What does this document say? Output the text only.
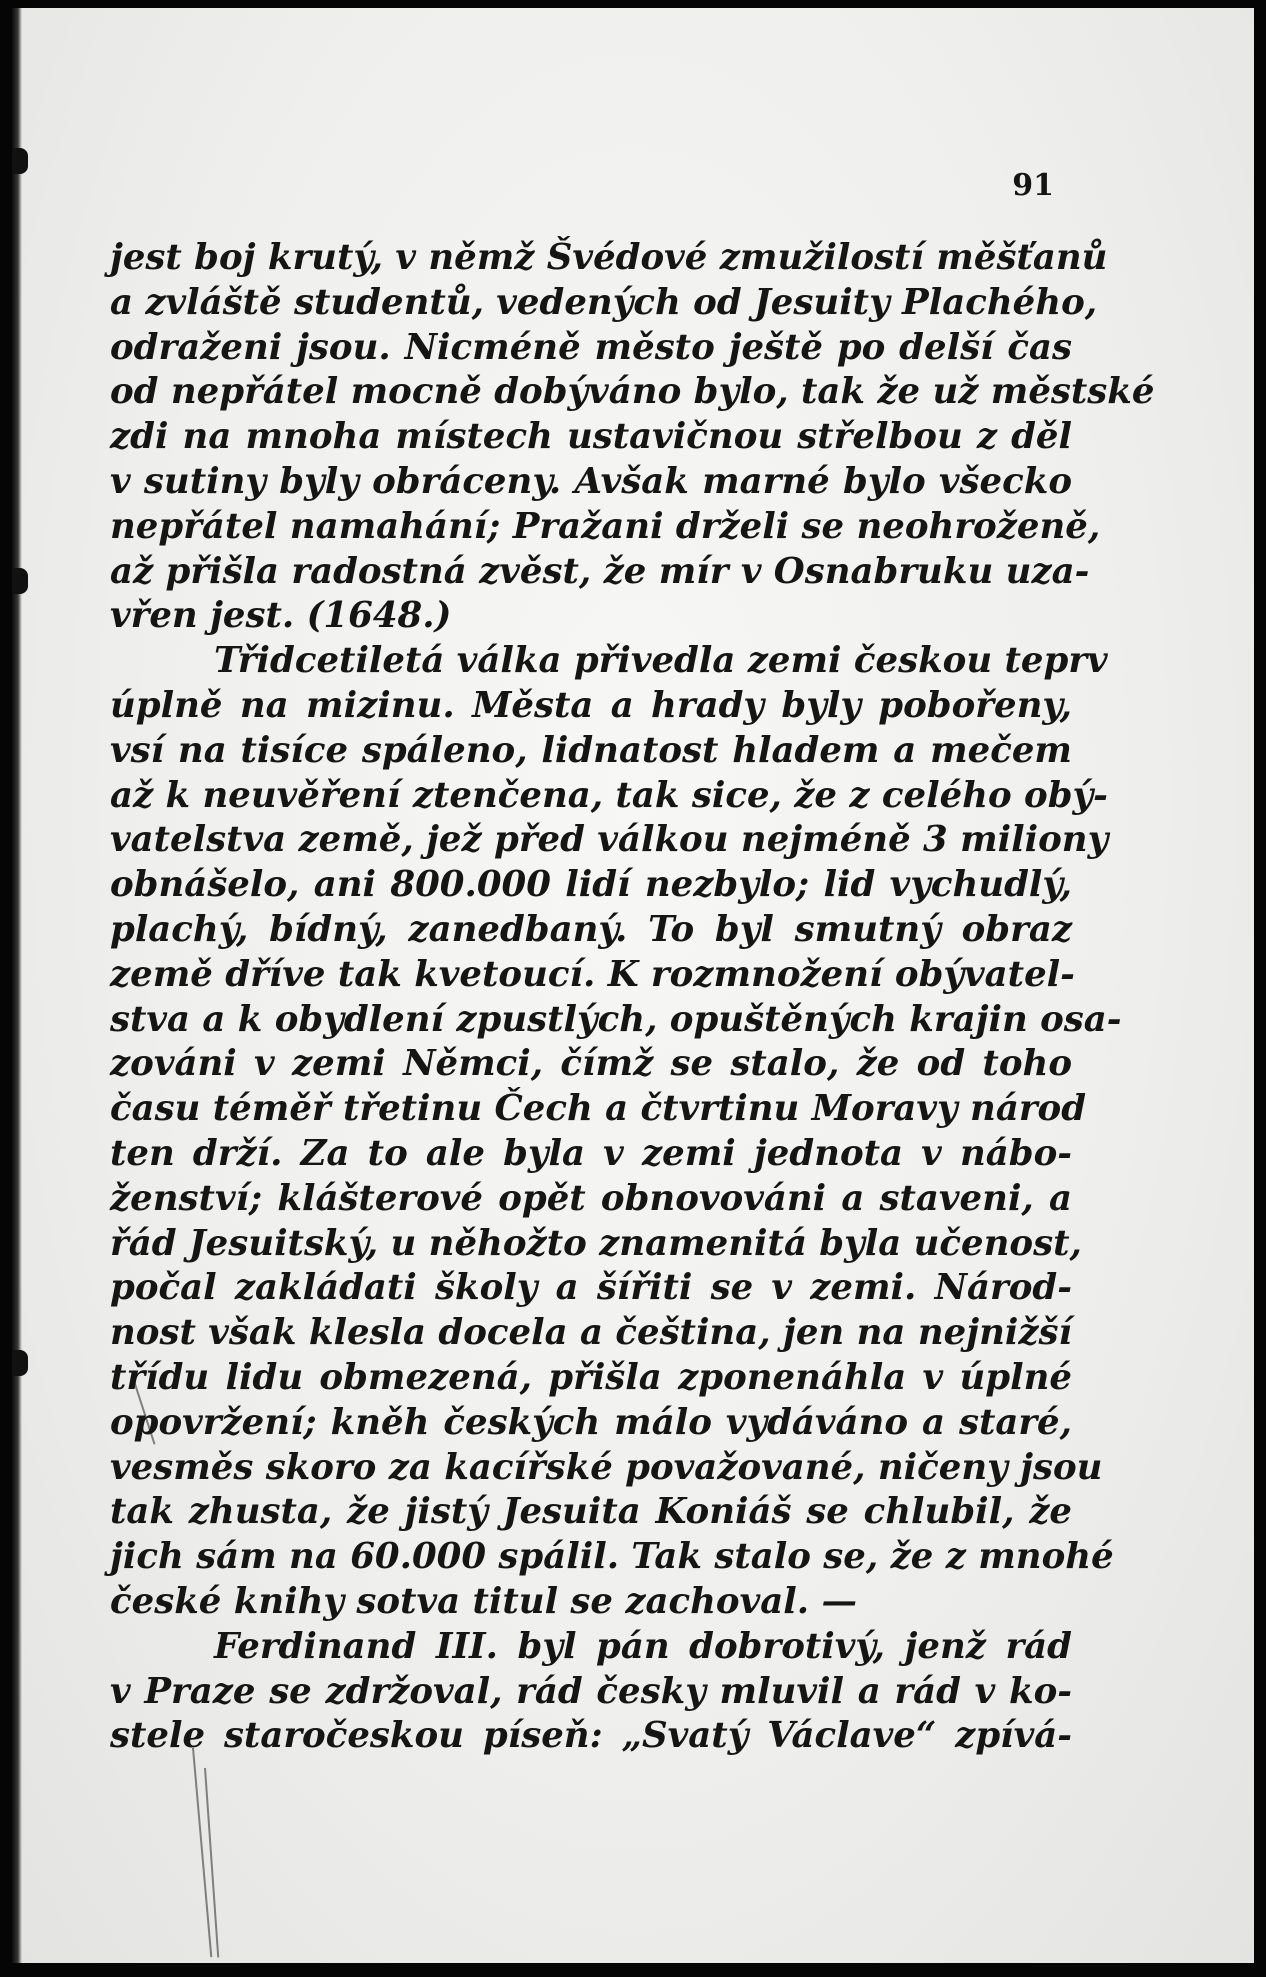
91

jest boj krutý, v němž Švédové zmužilostí měšťanů
a zvláště studentů, vedených od Jesuity Plachého,
odraženi jsou. Nicméně město ještě po delší čas
od nepřátel mocně dobýváno bylo, tak že už městské
zdi na mnoha místech ustavičnou střelbou z děl
v sutiny byly obráceny. Avšak marné bylo všecko
nepřátel namahání; Pražani drželi se neohroženě,
až přišla radostná zvěst, že mír v Osnabruku uza-
vřen jest. (1648.)
Třidcetiletá válka přivedla zemi českou teprv
úplně na mizinu. Města a hrady byly pobořeny,
vsí na tisíce spáleno, lidnatost hladem a mečem
až k neuvěření ztenčena, tak sice, že z celého obý-
vatelstva země, jež před válkou nejméně 3 miliony
obnášelo, ani 800.000 lidí nezbylo; lid vychudlý,
plachý, bídný, zanedbaný. To byl smutný obraz
země dříve tak kvetoucí. K rozmnožení obývatel-
stva a k obydlení zpustlých, opuštěných krajin osa-
zováni v zemi Němci, čímž se stalo, že od toho
času téměř třetinu Čech a čtvrtinu Moravy národ
ten drží. Za to ale byla v zemi jednota v nábo-
ženství; klášterové opět obnovováni a staveni, a
řád Jesuitský, u něhožto znamenitá byla učenost,
počal zakládati školy a šířiti se v zemi. Národ-
nost však klesla docela a čeština, jen na nejnižší
třídu lidu obmezená, přišla zponenáhla v úplné
opovržení; kněh českých málo vydáváno a staré,
vesměs skoro za kacířské považované, ničeny jsou
tak zhusta, že jistý Jesuita Koniáš se chlubil, že
jich sám na 60.000 spálil. Tak stalo se, že z mnohé
české knihy sotva titul se zachoval. —
Ferdinand III. byl pán dobrotivý, jenž rád
v Praze se zdržoval, rád česky mluvil a rád v ko-
stele staročeskou píseň: „Svatý Václave“ zpívá-
